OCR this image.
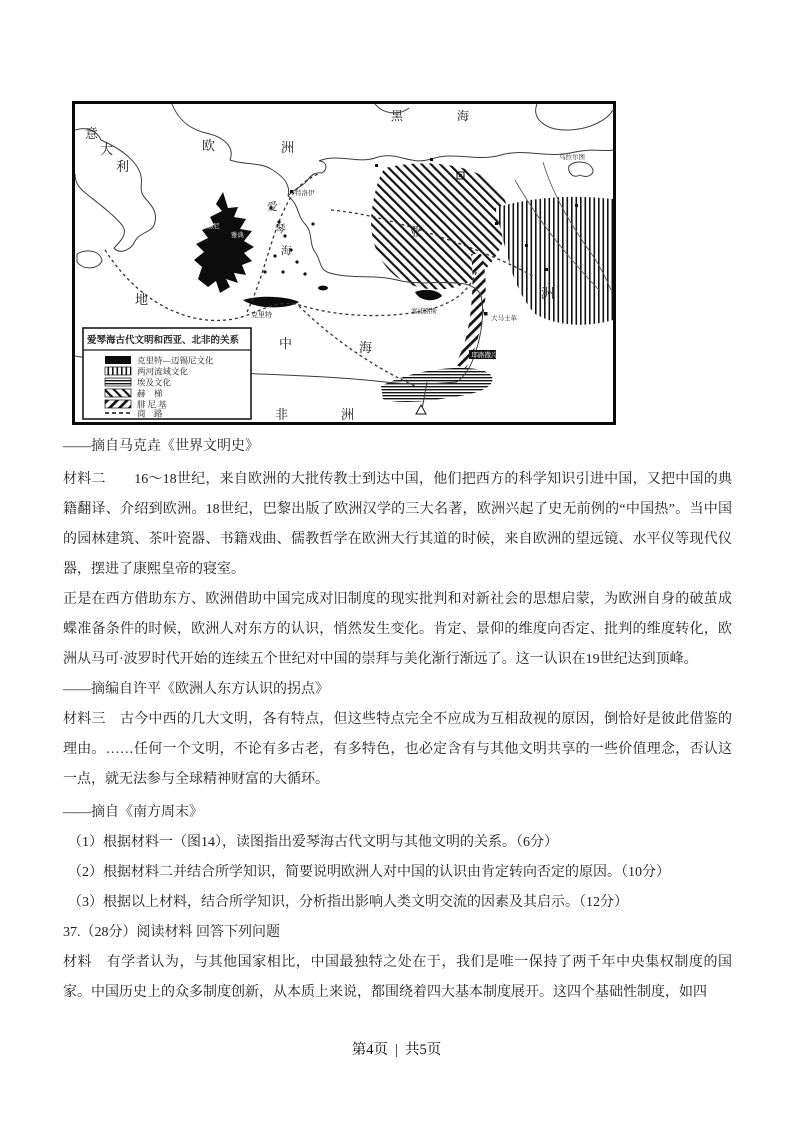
意
大
利
欧	洲
黑	海
亚
洲
地
中	海
非	洲
爱
琴
海
乌拉尔图
特洛伊
迈锡尼
雅典
克里特	塞浦路斯
大马士革
耶路撒冷
爱琴海古代文明和西亚、北非的关系
克里特—迈锡尼文化
两河流域文化
埃及文化
赫　梯
腓 尼 基
商　路

——摘自马克垚《世界文明史》

材料二　　16～18世纪，来自欧洲的大批传教士到达中国，他们把西方的科学知识引进中国，又把中国的典籍翻译、介绍到欧洲。18世纪，巴黎出版了欧洲汉学的三大名著，欧洲兴起了史无前例的“中国热”。当中国的园林建筑、茶叶瓷器、书籍戏曲、儒教哲学在欧洲大行其道的时候，来自欧洲的望远镜、水平仪等现代仪器，摆进了康熙皇帝的寝室。

正是在西方借助东方、欧洲借助中国完成对旧制度的现实批判和对新社会的思想启蒙，为欧洲自身的破茧成蝶准备条件的时候，欧洲人对东方的认识，悄然发生变化。肯定、景仰的维度向否定、批判的维度转化，欧洲从马可·波罗时代开始的连续五个世纪对中国的崇拜与美化渐行渐远了。这一认识在19世纪达到顶峰。

——摘编自许平《欧洲人东方认识的拐点》

材料三　古今中西的几大文明，各有特点，但这些特点完全不应成为互相敌视的原因，倒恰好是彼此借鉴的理由。……任何一个文明，不论有多古老，有多特色，也必定含有与其他文明共享的一些价值理念，否认这一点，就无法参与全球精神财富的大循环。

——摘自《南方周末》

（1）根据材料一（图14），读图指出爱琴海古代文明与其他文明的关系。（6分）

（2）根据材料二并结合所学知识，简要说明欧洲人对中国的认识由肯定转向否定的原因。（10分）

（3）根据以上材料，结合所学知识，分析指出影响人类文明交流的因素及其启示。（12分）

37.（28分）阅读材料 回答下列问题

材料　有学者认为，与其他国家相比，中国最独特之处在于，我们是唯一保持了两千年中央集权制度的国家。中国历史上的众多制度创新，从本质上来说，都围绕着四大基本制度展开。这四个基础性制度，如四

第4页 | 共5页
